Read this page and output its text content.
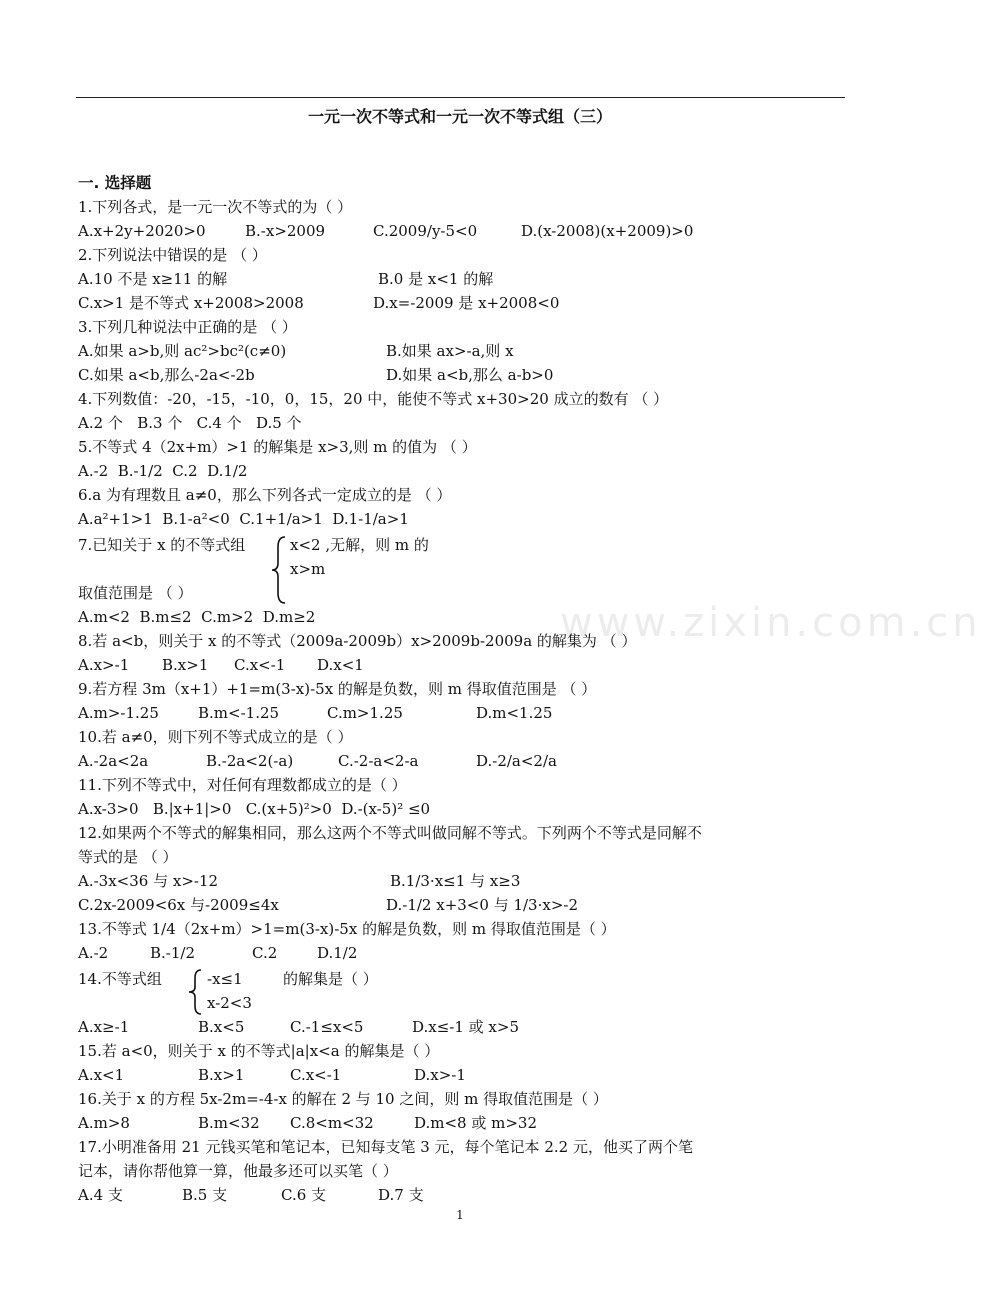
一元一次不等式和一元一次不等式组（三）
www.zixin.com.cn
一. 选择题
1.下列各式，是一元一次不等式的为（ ）
A.x+2y+2020>0	B.-x>2009	C.2009/y-5<0	D.(x-2008)(x+2009)>0
2.下列说法中错误的是 （ ）
A.10 不是 x≥11 的解	B.0 是 x<1 的解
C.x>1 是不等式 x+2008>2008	D.x=-2009 是 x+2008<0
3.下列几种说法中正确的是 （ ）
A.如果 a>b,则 ac²>bc²(c≠0)	B.如果 ax>-a,则 x
C.如果 a<b,那么-2a<-2b	D.如果 a<b,那么 a-b>0
4.下列数值：-20，-15，-10，0，15，20 中，能使不等式 x+30>20 成立的数有 （ ）
A.2 个   B.3 个   C.4 个   D.5 个
5.不等式 4（2x+m）>1 的解集是 x>3,则 m 的值为 （ ）
A.-2  B.-1/2  C.2  D.1/2
6.a 为有理数且 a≠0，那么下列各式一定成立的是 （ ）
A.a²+1>1  B.1-a²<0  C.1+1/a>1  D.1-1/a>1
7.已知关于 x 的不等式组	x<2 ,无解，则 m 的
x>m
取值范围是 （ ）
A.m<2  B.m≤2  C.m>2  D.m≥2
8.若 a<b，则关于 x 的不等式（2009a-2009b）x>2009b-2009a 的解集为 （ ）
A.x>-1 B.x>1 C.x<-1 D.x<1
9.若方程 3m（x+1）+1=m(3-x)-5x 的解是负数，则 m 得取值范围是 （ ）
A.m>-1.25	B.m<-1.25	C.m>1.25	D.m<1.25
10.若 a≠0，则下列不等式成立的是（ ）
A.-2a<2a	B.-2a<2(-a)	C.-2-a<2-a	D.-2/a<2/a
11.下列不等式中，对任何有理数都成立的是（ ）
A.x-3>0   B.|x+1|>0   C.(x+5)²>0  D.-(x-5)² ≤0
12.如果两个不等式的解集相同，那么这两个不等式叫做同解不等式。下列两个不等式是同解不
等式的是 （ ）
A.-3x<36 与 x>-12	B.1/3·x≤1 与 x≥3
C.2x-2009<6x 与-2009≤4x	D.-1/2 x+3<0 与 1/3·x>-2
13.不等式 1/4（2x+m）>1=m(3-x)-5x 的解是负数，则 m 得取值范围是（ ）
A.-2	B.-1/2	C.2	D.1/2
14.不等式组	-x≤1	的解集是（ ）
x-2<3
A.x≥-1	B.x<5	C.-1≤x<5	D.x≤-1 或 x>5
15.若 a<0，则关于 x 的不等式|a|x<a 的解集是（ ）
A.x<1	B.x>1	C.x<-1	D.x>-1
16.关于 x 的方程 5x-2m=-4-x 的解在 2 与 10 之间，则 m 得取值范围是（ ）
A.m>8	B.m<32 C.8<m<32	D.m<8 或 m>32
17.小明准备用 21 元钱买笔和笔记本，已知每支笔 3 元，每个笔记本 2.2 元，他买了两个笔
记本，请你帮他算一算，他最多还可以买笔（ ）
A.4 支	B.5 支	C.6 支	D.7 支
1
